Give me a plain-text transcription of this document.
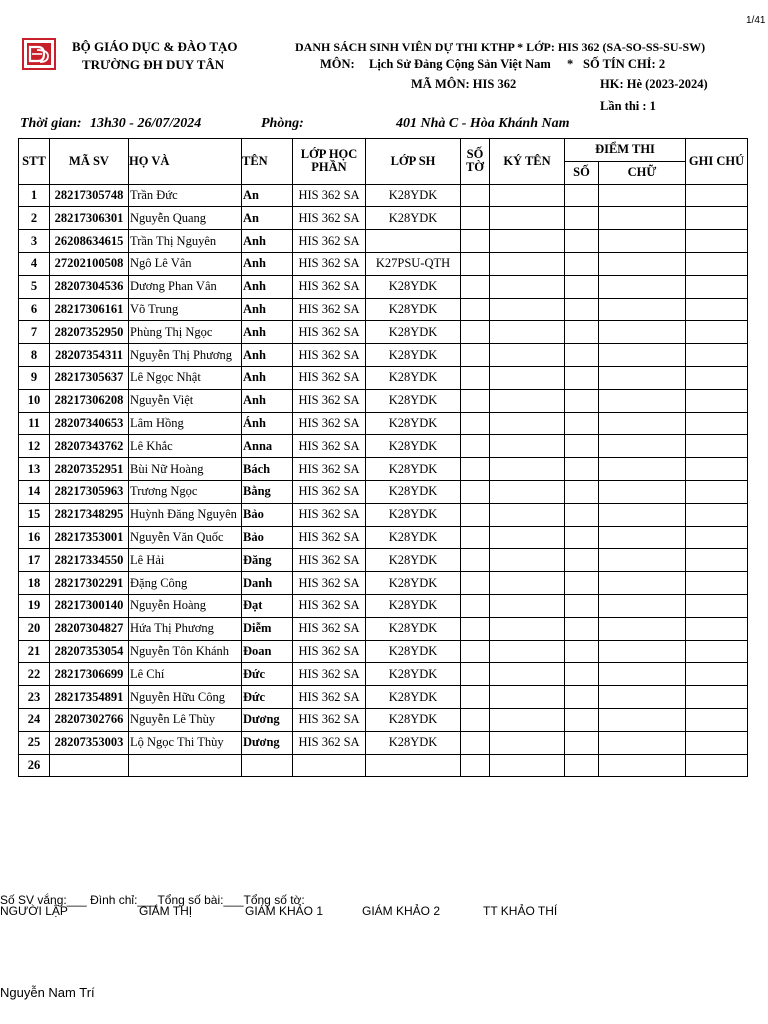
1/41
BỘ GIÁO DỤC & ĐÀO TẠO
TRƯỜNG ĐH DUY TÂN
DANH SÁCH SINH VIÊN DỰ THI KTHP * LỚP: HIS 362 (SA-SO-SS-SU-SW)
MÔN: Lịch Sử Đảng Cộng Sản Việt Nam * SỐ TÍN CHỈ: 2
MÃ MÔN: HIS 362	HK: Hè (2023-2024)
Lần thi : 1
Thời gian: 13h30 - 26/07/2024	Phòng:	401 Nhà C - Hòa Khánh Nam
STT	MÃ SV	HỌ VÀ	TÊN	LỚP HỌC PHẦN	LỚP SH	SỐ TỜ	KÝ TÊN	ĐIỂM THI		GHI CHÚ
								SỐ	CHỮ	
1	28217305748	Trần Đức	An	HIS 362 SA	K28YDK					
2	28217306301	Nguyễn Quang	An	HIS 362 SA	K28YDK					
3	26208634615	Trần Thị Nguyên	Anh	HIS 362 SA						
4	27202100508	Ngô Lê Vân	Anh	HIS 362 SA	K27PSU-QTH					
5	28207304536	Dương Phan Vân	Anh	HIS 362 SA	K28YDK					
6	28217306161	Võ Trung	Anh	HIS 362 SA	K28YDK					
7	28207352950	Phùng Thị Ngọc	Anh	HIS 362 SA	K28YDK					
8	28207354311	Nguyễn Thị Phương	Anh	HIS 362 SA	K28YDK					
9	28217305637	Lê Ngọc Nhật	Anh	HIS 362 SA	K28YDK					
10	28217306208	Nguyễn Việt	Anh	HIS 362 SA	K28YDK					
11	28207340653	Lâm Hồng	Ánh	HIS 362 SA	K28YDK					
12	28207343762	Lê Khắc	Anna	HIS 362 SA	K28YDK					
13	28207352951	Bùi Nữ Hoàng	Bách	HIS 362 SA	K28YDK					
14	28217305963	Trương Ngọc	Bằng	HIS 362 SA	K28YDK					
15	28217348295	Huỳnh Đăng Nguyên	Bảo	HIS 362 SA	K28YDK					
16	28217353001	Nguyễn Văn Quốc	Bảo	HIS 362 SA	K28YDK					
17	28217334550	Lê Hải	Đăng	HIS 362 SA	K28YDK					
18	28217302291	Đặng Công	Danh	HIS 362 SA	K28YDK					
19	28217300140	Nguyễn Hoàng	Đạt	HIS 362 SA	K28YDK					
20	28207304827	Hứa Thị Phương	Diễm	HIS 362 SA	K28YDK					
21	28207353054	Nguyễn Tôn Khánh	Đoan	HIS 362 SA	K28YDK					
22	28217306699	Lê Chí	Đức	HIS 362 SA	K28YDK					
23	28217354891	Nguyễn Hữu Công	Đức	HIS 362 SA	K28YDK					
24	28207302766	Nguyễn Lê Thùy	Dương	HIS 362 SA	K28YDK					
25	28207353003	Lộ Ngọc Thi Thùy	Dương	HIS 362 SA	K28YDK					
26										
Số SV vắng:___ Đình chỉ:___Tổng số bài:___Tổng số tờ:
NGƯỜI LẬP	GIÁM THỊ	GIÁM KHẢO 1	GIÁM KHẢO 2	TT KHẢO THÍ
Nguyễn Nam Trí
